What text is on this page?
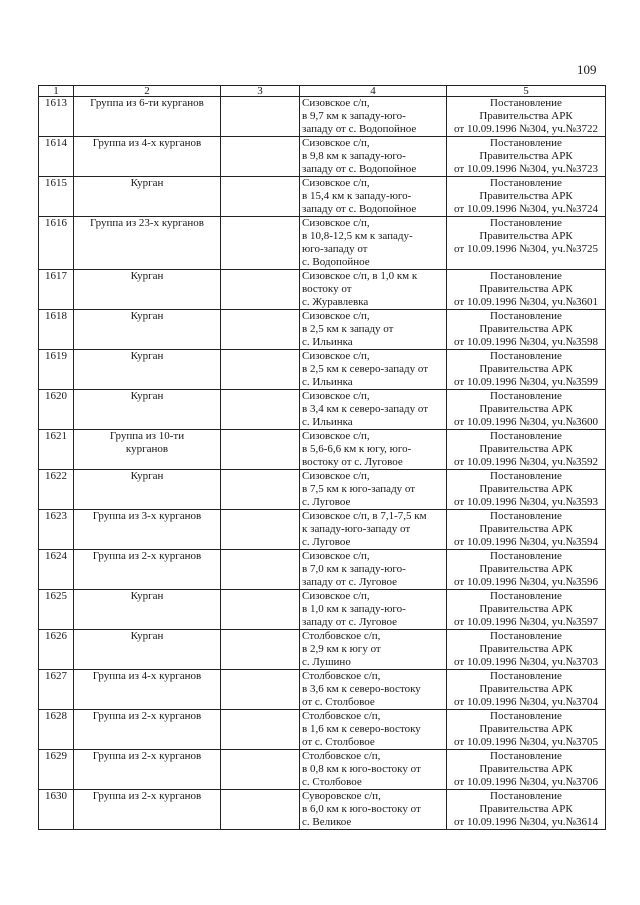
109
1	2	3	4	5
1613	Группа из 6-ти курганов		Сизовское с/п,
в 9,7 км к западу-юго-
западу от с. Водопойное	Постановление
Правительства АРК
от 10.09.1996 №304, уч.№3722

1614	Группа из 4-х курганов		Сизовское с/п,
в 9,8 км к западу-юго-
западу от с. Водопойное	Постановление
Правительства АРК
от 10.09.1996 №304, уч.№3723

1615	Курган		Сизовское с/п,
в 15,4 км к западу-юго-
западу от с. Водопойное	Постановление
Правительства АРК
от 10.09.1996 №304, уч.№3724

1616	Группа из 23-х курганов		Сизовское с/п,
в 10,8-12,5 км к западу-
юго-западу от
с. Водопойное	Постановление
Правительства АРК
от 10.09.1996 №304, уч.№3725

1617	Курган		Сизовское с/п, в 1,0 км к
востоку от
с. Журавлевка	Постановление
Правительства АРК
от 10.09.1996 №304, уч.№3601

1618	Курган		Сизовское с/п,
в 2,5 км к западу от
с. Ильинка	Постановление
Правительства АРК
от 10.09.1996 №304, уч.№3598

1619	Курган		Сизовское с/п,
в 2,5 км к северо-западу от
с. Ильинка	Постановление
Правительства АРК
от 10.09.1996 №304, уч.№3599

1620	Курган		Сизовское с/п,
в 3,4 км к северо-западу от
с. Ильинка	Постановление
Правительства АРК
от 10.09.1996 №304, уч.№3600

1621	Группа из 10-ти
курганов		Сизовское с/п,
в 5,6-6,6 км к югу, юго-
востоку от с. Луговое	Постановление
Правительства АРК
от 10.09.1996 №304, уч.№3592

1622	Курган		Сизовское с/п,
в 7,5 км к юго-западу от
с. Луговое	Постановление
Правительства АРК
от 10.09.1996 №304, уч.№3593

1623	Группа из 3-х курганов		Сизовское с/п, в 7,1-7,5 км
к западу-юго-западу от
с. Луговое	Постановление
Правительства АРК
от 10.09.1996 №304, уч.№3594

1624	Группа из 2-х курганов		Сизовское с/п,
в 7,0 км к западу-юго-
западу от с. Луговое	Постановление
Правительства АРК
от 10.09.1996 №304, уч.№3596

1625	Курган		Сизовское с/п,
в 1,0 км к западу-юго-
западу от с. Луговое	Постановление
Правительства АРК
от 10.09.1996 №304, уч.№3597

1626	Курган		Столбовское с/п,
в 2,9 км к югу от
с. Лушино	Постановление
Правительства АРК
от 10.09.1996 №304, уч.№3703

1627	Группа из 4-х курганов		Столбовское с/п,
в 3,6 км к северо-востоку
от с. Столбовое	Постановление
Правительства АРК
от 10.09.1996 №304, уч.№3704

1628	Группа из 2-х курганов		Столбовское с/п,
в 1,6 км к северо-востоку
от с. Столбовое	Постановление
Правительства АРК
от 10.09.1996 №304, уч.№3705

1629	Группа из 2-х курганов		Столбовское с/п,
в 0,8 км к юго-востоку от
с. Столбовое	Постановление
Правительства АРК
от 10.09.1996 №304, уч.№3706

1630	Группа из 2-х курганов		Суворовское с/п,
в 6,0 км к юго-востоку от
с. Великое	Постановление
Правительства АРК
от 10.09.1996 №304, уч.№3614
